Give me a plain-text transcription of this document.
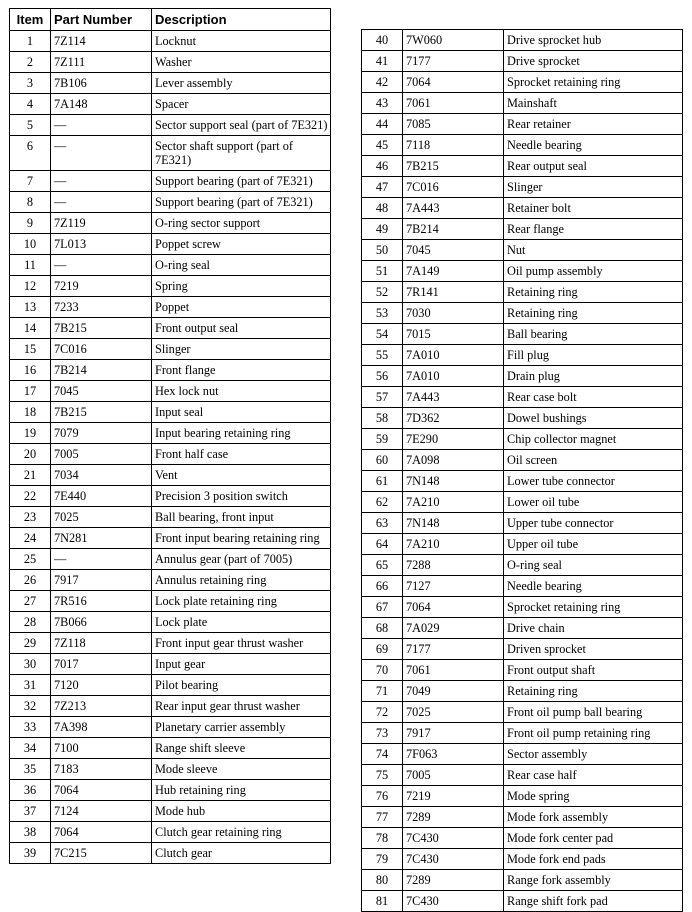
Item	Part Number	Description
1	7Z114	Locknut
2	7Z111	Washer
3	7B106	Lever assembly
4	7A148	Spacer
5	—	Sector support seal (part of 7E321)
6	—	Sector shaft support (part of 7E321)
7	—	Support bearing (part of 7E321)
8	—	Support bearing (part of 7E321)
9	7Z119	O-ring sector support
10	7L013	Poppet screw
11	—	O-ring seal
12	7219	Spring
13	7233	Poppet
14	7B215	Front output seal
15	7C016	Slinger
16	7B214	Front flange
17	7045	Hex lock nut
18	7B215	Input seal
19	7079	Input bearing retaining ring
20	7005	Front half case
21	7034	Vent
22	7E440	Precision 3 position switch
23	7025	Ball bearing, front input
24	7N281	Front input bearing retaining ring
25	—	Annulus gear (part of 7005)
26	7917	Annulus retaining ring
27	7R516	Lock plate retaining ring
28	7B066	Lock plate
29	7Z118	Front input gear thrust washer
30	7017	Input gear
31	7120	Pilot bearing
32	7Z213	Rear input gear thrust washer
33	7A398	Planetary carrier assembly
34	7100	Range shift sleeve
35	7183	Mode sleeve
36	7064	Hub retaining ring
37	7124	Mode hub
38	7064	Clutch gear retaining ring
39	7C215	Clutch gear
40	7W060	Drive sprocket hub
41	7177	Drive sprocket
42	7064	Sprocket retaining ring
43	7061	Mainshaft
44	7085	Rear retainer
45	7118	Needle bearing
46	7B215	Rear output seal
47	7C016	Slinger
48	7A443	Retainer bolt
49	7B214	Rear flange
50	7045	Nut
51	7A149	Oil pump assembly
52	7R141	Retaining ring
53	7030	Retaining ring
54	7015	Ball bearing
55	7A010	Fill plug
56	7A010	Drain plug
57	7A443	Rear case bolt
58	7D362	Dowel bushings
59	7E290	Chip collector magnet
60	7A098	Oil screen
61	7N148	Lower tube connector
62	7A210	Lower oil tube
63	7N148	Upper tube connector
64	7A210	Upper oil tube
65	7288	O-ring seal
66	7127	Needle bearing
67	7064	Sprocket retaining ring
68	7A029	Drive chain
69	7177	Driven sprocket
70	7061	Front output shaft
71	7049	Retaining ring
72	7025	Front oil pump ball bearing
73	7917	Front oil pump retaining ring
74	7F063	Sector assembly
75	7005	Rear case half
76	7219	Mode spring
77	7289	Mode fork assembly
78	7C430	Mode fork center pad
79	7C430	Mode fork end pads
80	7289	Range fork assembly
81	7C430	Range shift fork pad
